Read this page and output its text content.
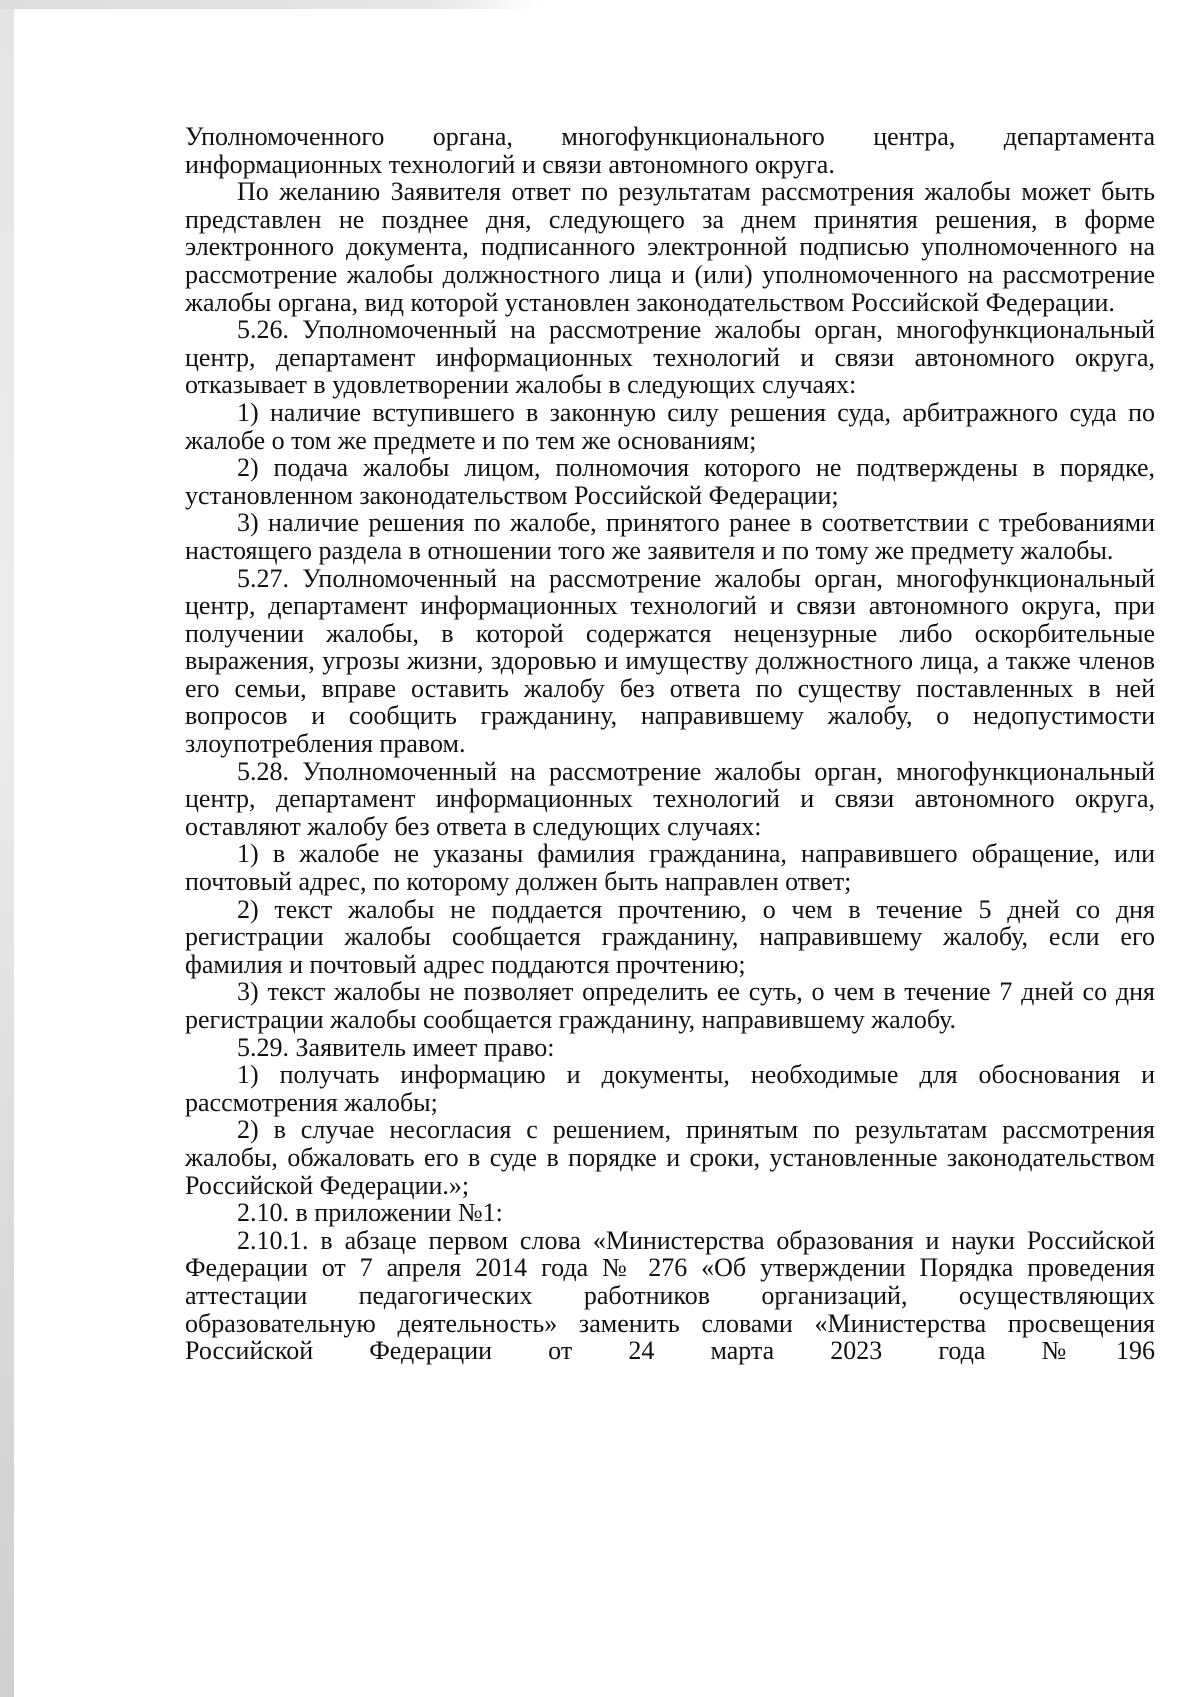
Уполномоченного органа, многофункционального центра, департамента информационных технологий и связи автономного округа.

По желанию Заявителя ответ по результатам рассмотрения жалобы может быть представлен не позднее дня, следующего за днем принятия решения, в форме электронного документа, подписанного электронной подписью уполномоченного на рассмотрение жалобы должностного лица и (или) уполномоченного на рассмотрение жалобы органа, вид которой установлен законодательством Российской Федерации.

5.26. Уполномоченный на рассмотрение жалобы орган, многофункциональный центр, департамент информационных технологий и связи автономного округа, отказывает в удовлетворении жалобы в следующих случаях:

1) наличие вступившего в законную силу решения суда, арбитражного суда по жалобе о том же предмете и по тем же основаниям;

2) подача жалобы лицом, полномочия которого не подтверждены в порядке, установленном законодательством Российской Федерации;

3) наличие решения по жалобе, принятого ранее в соответствии с требованиями настоящего раздела в отношении того же заявителя и по тому же предмету жалобы.

5.27. Уполномоченный на рассмотрение жалобы орган, многофункциональный центр, департамент информационных технологий и связи автономного округа, при получении жалобы, в которой содержатся нецензурные либо оскорбительные выражения, угрозы жизни, здоровью и имуществу должностного лица, а также членов его семьи, вправе оставить жалобу без ответа по существу поставленных в ней вопросов и сообщить гражданину, направившему жалобу, о недопустимости злоупотребления правом.

5.28. Уполномоченный на рассмотрение жалобы орган, многофункциональный центр, департамент информационных технологий и связи автономного округа, оставляют жалобу без ответа в следующих случаях:

1) в жалобе не указаны фамилия гражданина, направившего обращение, или почтовый адрес, по которому должен быть направлен ответ;

2) текст жалобы не поддается прочтению, о чем в течение 5 дней со дня регистрации жалобы сообщается гражданину, направившему жалобу, если его фамилия и почтовый адрес поддаются прочтению;

3) текст жалобы не позволяет определить ее суть, о чем в течение 7 дней со дня регистрации жалобы сообщается гражданину, направившему жалобу.

5.29. Заявитель имеет право:

1) получать информацию и документы, необходимые для обоснования и рассмотрения жалобы;

2) в случае несогласия с решением, принятым по результатам рассмотрения жалобы, обжаловать его в суде в порядке и сроки, установленные законодательством Российской Федерации.»;

2.10. в приложении №1:

2.10.1. в абзаце первом слова «Министерства образования и науки Российской Федерации от 7 апреля 2014 года № 276 «Об утверждении Порядка проведения аттестации педагогических работников организаций, осуществляющих образовательную деятельность» заменить словами «Министерства просвещения Российской Федерации от 24 марта 2023 года №196
